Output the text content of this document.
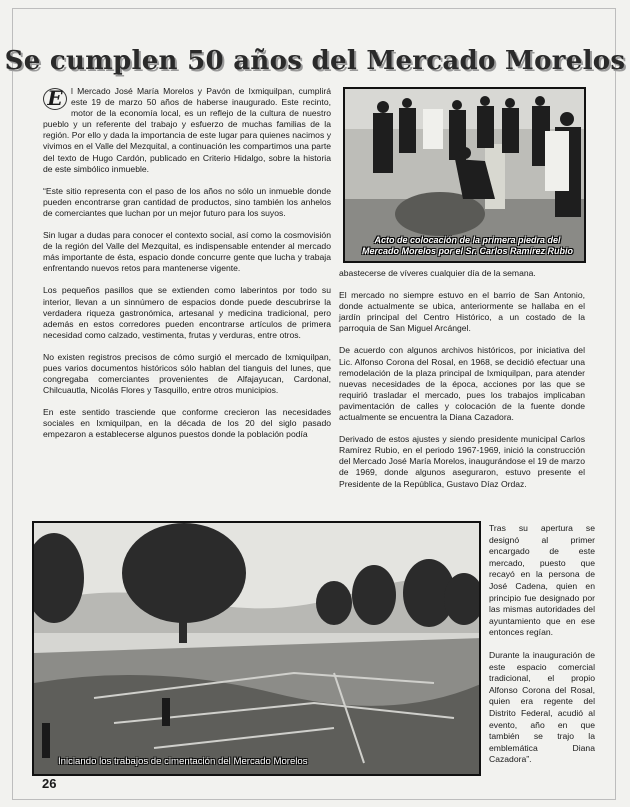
Se cumplen 50 años del Mercado Morelos

E l Mercado José María Morelos y Pavón de Ixmiquilpan, cumplirá este 19 de marzo 50 años de haberse inaugurado. Este recinto, motor de la economía local, es un reflejo de la cultura de nuestro pueblo y un referente del trabajo y esfuerzo de muchas familias de la región. Por ello y dada la importancia de este lugar para quienes nacimos y vivimos en el Valle del Mezquital, a continuación les compartimos una parte del texto de Hugo Cardón, publicado en Criterio Hidalgo, sobre la historia de este simbólico inmueble.

“Este sitio representa con el paso de los años no sólo un inmueble donde pueden encontrarse gran cantidad de productos, sino también los anhelos de comerciantes que luchan por un mejor futuro para los suyos.

Sin lugar a dudas para conocer el contexto social, así como la cosmovisión de la región del Valle del Mezquital, es indispensable entender al mercado más importante de ésta, espacio donde concurre gente que lucha y trabaja enfrentando nuevos retos para mantenerse vigente.

Los pequeños pasillos que se extienden como laberintos por todo su interior, llevan a un sinnúmero de espacios donde puede descubrirse la verdadera riqueza gastronómica, artesanal y medicina tradicional, pero además en estos corredores pueden encontrarse artículos de primera necesidad como calzado, vestimenta, frutas y verduras, entre otros.

No existen registros precisos de cómo surgió el mercado de Ixmiquilpan, pues varios documentos históricos sólo hablan del tianguis del lunes, que congregaba comerciantes provenientes de Alfajayucan, Cardonal, Chilcuautla, Nicolás Flores y Tasquillo, entre otros municipios.

En este sentido trasciende que conforme crecieron las necesidades sociales en Ixmiquilpan, en la década de los 20 del siglo pasado empezaron a establecerse algunos puestos donde la población podía

Acto de colocación de la primera piedra del Mercado Morelos por el Sr. Carlos Ramírez Rubio

abastecerse de víveres cualquier día de la semana.

El mercado no siempre estuvo en el barrio de San Antonio, donde actualmente se ubica, anteriormente se hallaba en el jardín principal del Centro Histórico, a un costado de la parroquia de San Miguel Arcángel.

De acuerdo con algunos archivos históricos, por iniciativa del Lic. Alfonso Corona del Rosal, en 1968, se decidió efectuar una remodelación de la plaza principal de Ixmiquilpan, para atender nuevas necesidades de la época, acciones por las que se requirió trasladar el mercado, pues los trabajos implicaban pavimentación de calles y colocación de la fuente donde actualmente se encuentra la Diana Cazadora.

Derivado de estos ajustes y siendo presidente municipal Carlos Ramírez Rubio, en el periodo 1967-1969, inició la construcción del Mercado José María Morelos, inaugurándose el 19 de marzo de 1969, donde algunos aseguraron, estuvo presente el Presidente de la República, Gustavo Díaz Ordaz.

Iniciando los trabajos de cimentación del Mercado Morelos

Tras su apertura se designó al primer encargado de este mercado, puesto que recayó en la persona de José Cadena, quien en principio fue designado por las mismas autoridades del ayuntamiento que en ese entonces regían.

Durante la inauguración de este espacio comercial tradicional, el propio Alfonso Corona del Rosal, quien era regente del Distrito Federal, acudió al evento, año en que también se trajo la emblemática Diana Cazadora”.

26
